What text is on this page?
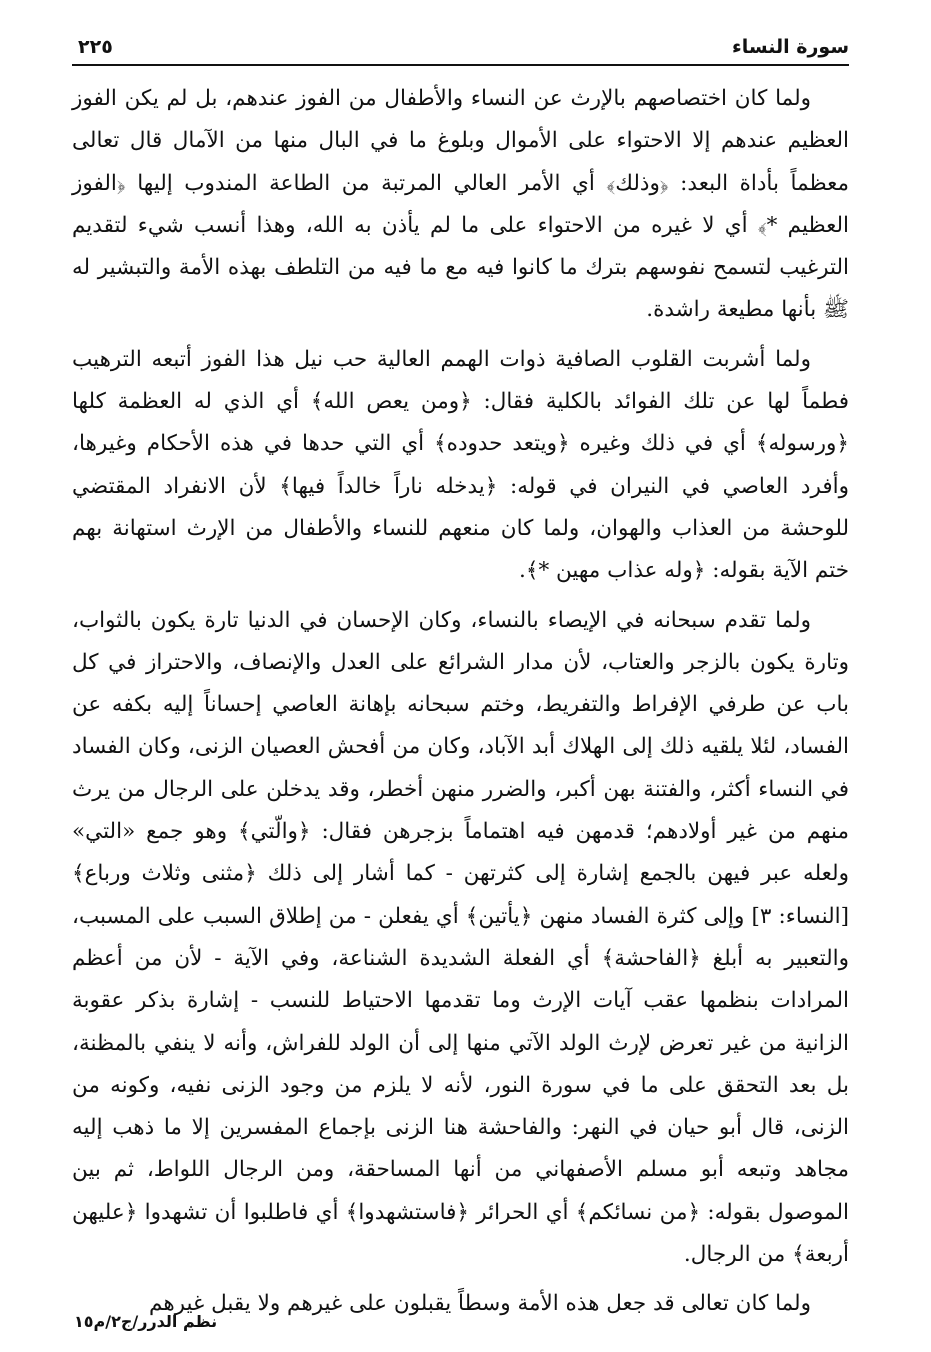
سورة النساء
٢٢٥

ولما كان اختصاصهم بالإرث عن النساء والأطفال من الفوز عندهم، بل لم يكن الفوز العظيم عندهم إلا الاحتواء على الأموال وبلوغ ما في البال منها من الآمال قال تعالى معظماً بأداة البعد: ﴿وذلك﴾ أي الأمر العالي المرتبة من الطاعة المندوب إليها ﴿الفوز العظيم *﴾ أي لا غيره من الاحتواء على ما لم يأذن به الله، وهذا أنسب شيء لتقديم الترغيب لتسمح نفوسهم بترك ما كانوا فيه مع ما فيه من التلطف بهذه الأمة والتبشير له ﷺ بأنها مطيعة راشدة.

ولما أشربت القلوب الصافية ذوات الهمم العالية حب نيل هذا الفوز أتبعه الترهيب فطماً لها عن تلك الفوائد بالكلية فقال: ﴿ومن يعص الله﴾ أي الذي له العظمة كلها ﴿ورسوله﴾ أي في ذلك وغيره ﴿ويتعد حدوده﴾ أي التي حدها في هذه الأحكام وغيرها، وأفرد العاصي في النيران في قوله: ﴿يدخله ناراً خالداً فيها﴾ لأن الانفراد المقتضي للوحشة من العذاب والهوان، ولما كان منعهم للنساء والأطفال من الإرث استهانة بهم ختم الآية بقوله: ﴿وله عذاب مهين *﴾.

ولما تقدم سبحانه في الإيصاء بالنساء، وكان الإحسان في الدنيا تارة يكون بالثواب، وتارة يكون بالزجر والعتاب، لأن مدار الشرائع على العدل والإنصاف، والاحتراز في كل باب عن طرفي الإفراط والتفريط، وختم سبحانه بإهانة العاصي إحساناً إليه بكفه عن الفساد، لئلا يلقيه ذلك إلى الهلاك أبد الآباد، وكان من أفحش العصيان الزنى، وكان الفساد في النساء أكثر، والفتنة بهن أكبر، والضرر منهن أخطر، وقد يدخلن على الرجال من يرث منهم من غير أولادهم؛ قدمهن فيه اهتماماً بزجرهن فقال: ﴿والّتي﴾ وهو جمع «التي» ولعله عبر فيهن بالجمع إشارة إلى كثرتهن - كما أشار إلى ذلك ﴿مثنى وثلاث ورباع﴾ [النساء: ٣] وإلى كثرة الفساد منهن ﴿يأتين﴾ أي يفعلن - من إطلاق السبب على المسبب، والتعبير به أبلغ ﴿الفاحشة﴾ أي الفعلة الشديدة الشناعة، وفي الآية - لأن من أعظم المرادات بنظمها عقب آيات الإرث وما تقدمها الاحتياط للنسب - إشارة بذكر عقوبة الزانية من غير تعرض لإرث الولد الآتي منها إلى أن الولد للفراش، وأنه لا ينفي بالمظنة، بل بعد التحقق على ما في سورة النور، لأنه لا يلزم من وجود الزنى نفيه، وكونه من الزنى، قال أبو حيان في النهر: والفاحشة هنا الزنى بإجماع المفسرين إلا ما ذهب إليه مجاهد وتبعه أبو مسلم الأصفهاني من أنها المساحقة، ومن الرجال اللواط، ثم بين الموصول بقوله: ﴿من نسائكم﴾ أي الحرائر ﴿فاستشهدوا﴾ أي فاطلبوا أن تشهدوا ﴿عليهن أربعة﴾ من الرجال.

ولما كان تعالى قد جعل هذه الأمة وسطاً يقبلون على غيرهم ولا يقبل غيرهم

نظم الدرر/ج٢/م١٥
